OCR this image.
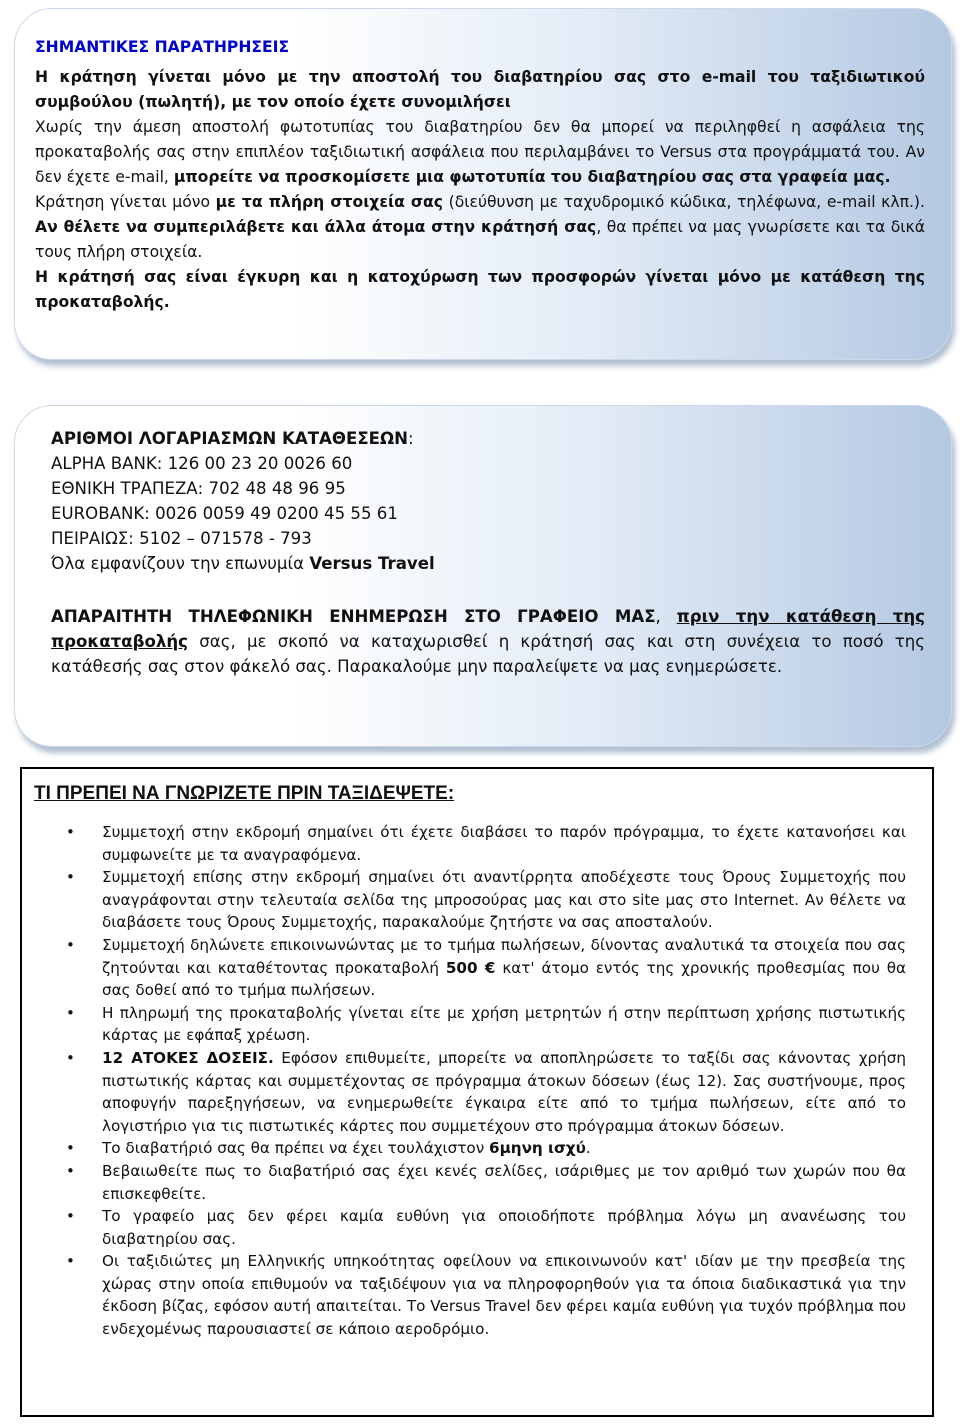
ΣΗΜΑΝΤΙΚΕΣ ΠΑΡΑΤΗΡΗΣΕΙΣ
Η κράτηση γίνεται μόνο με την αποστολή του διαβατηρίου σας στο e-mail του ταξιδιωτικού συμβούλου (πωλητή), με τον οποίο έχετε συνομιλήσει
Χωρίς την άμεση αποστολή φωτοτυπίας του διαβατηρίου δεν θα μπορεί να περιληφθεί η ασφάλεια της προκαταβολής σας στην επιπλέον ταξιδιωτική ασφάλεια που περιλαμβάνει το Versus στα προγράμματά του. Αν δεν έχετε e-mail, μπορείτε να προσκομίσετε μια φωτοτυπία του διαβατηρίου σας στα γραφεία μας.
Κράτηση γίνεται μόνο με τα πλήρη στοιχεία σας (διεύθυνση με ταχυδρομικό κώδικα, τηλέφωνα, e-mail κλπ.). Αν θέλετε να συμπεριλάβετε και άλλα άτομα στην κράτησή σας, θα πρέπει να μας γνωρίσετε και τα δικά τους πλήρη στοιχεία.
Η κράτησή σας είναι έγκυρη και η κατοχύρωση των προσφορών γίνεται μόνο με κατάθεση της προκαταβολής.
ΑΡΙΘΜΟΙ ΛΟΓΑΡΙΑΣΜΩΝ ΚΑΤΑΘΕΣΕΩΝ:
ALPHA BANK: 126 00 23 20 0026 60
ΕΘΝΙΚΗ ΤΡΑΠΕΖΑ: 702 48 48 96 95
EUROBANK: 0026 0059 49 0200 45 55 61
ΠΕΙΡΑΙΩΣ: 5102 – 071578 - 793
Όλα εμφανίζουν την επωνυμία Versus Travel
ΑΠΑΡΑΙΤΗΤΗ ΤΗΛΕΦΩΝΙΚΗ ΕΝΗΜΕΡΩΣΗ ΣΤΟ ΓΡΑΦΕΙΟ ΜΑΣ, πριν την κατάθεση της προκαταβολής σας, με σκοπό να καταχωρισθεί η κράτησή σας και στη συνέχεια το ποσό της κατάθεσής σας στον φάκελό σας. Παρακαλούμε μην παραλείψετε να μας ενημερώσετε.
ΤΙ ΠΡΕΠΕΙ ΝΑ ΓΝΩΡΙΖΕΤΕ ΠΡΙΝ ΤΑΞΙΔΕΨΕΤΕ:
• Συμμετοχή στην εκδρομή σημαίνει ότι έχετε διαβάσει το παρόν πρόγραμμα, το έχετε κατανοήσει και συμφωνείτε με τα αναγραφόμενα.
• Συμμετοχή επίσης στην εκδρομή σημαίνει ότι αναντίρρητα αποδέχεστε τους Όρους Συμμετοχής που αναγράφονται στην τελευταία σελίδα της μπροσούρας μας και στο site μας στο Internet. Αν θέλετε να διαβάσετε τους Όρους Συμμετοχής, παρακαλούμε ζητήστε να σας αποσταλούν.
• Συμμετοχή δηλώνετε επικοινωνώντας με το τμήμα πωλήσεων, δίνοντας αναλυτικά τα στοιχεία που σας ζητούνται και καταθέτοντας προκαταβολή 500 € κατ' άτομο εντός της χρονικής προθεσμίας που θα σας δοθεί από το τμήμα πωλήσεων.
• Η πληρωμή της προκαταβολής γίνεται είτε με χρήση μετρητών ή στην περίπτωση χρήσης πιστωτικής κάρτας με εφάπαξ χρέωση.
• 12 ΑΤΟΚΕΣ ΔΟΣΕΙΣ. Εφόσον επιθυμείτε, μπορείτε να αποπληρώσετε το ταξίδι σας κάνοντας χρήση πιστωτικής κάρτας και συμμετέχοντας σε πρόγραμμα άτοκων δόσεων (έως 12). Σας συστήνουμε, προς αποφυγήν παρεξηγήσεων, να ενημερωθείτε έγκαιρα είτε από το τμήμα πωλήσεων, είτε από το λογιστήριο για τις πιστωτικές κάρτες που συμμετέχουν στο πρόγραμμα άτοκων δόσεων.
• Το διαβατήριό σας θα πρέπει να έχει τουλάχιστον 6μηνη ισχύ.
• Βεβαιωθείτε πως το διαβατήριό σας έχει κενές σελίδες, ισάριθμες με τον αριθμό των χωρών που θα επισκεφθείτε.
• Το γραφείο μας δεν φέρει καμία ευθύνη για οποιοδήποτε πρόβλημα λόγω μη ανανέωσης του διαβατηρίου σας.
• Οι ταξιδιώτες μη Ελληνικής υπηκοότητας οφείλουν να επικοινωνούν κατ' ιδίαν με την πρεσβεία της χώρας στην οποία επιθυμούν να ταξιδέψουν για να πληροφορηθούν για τα όποια διαδικαστικά για την έκδοση βίζας, εφόσον αυτή απαιτείται. Το Versus Travel δεν φέρει καμία ευθύνη για τυχόν πρόβλημα που ενδεχομένως παρουσιαστεί σε κάποιο αεροδρόμιο.
